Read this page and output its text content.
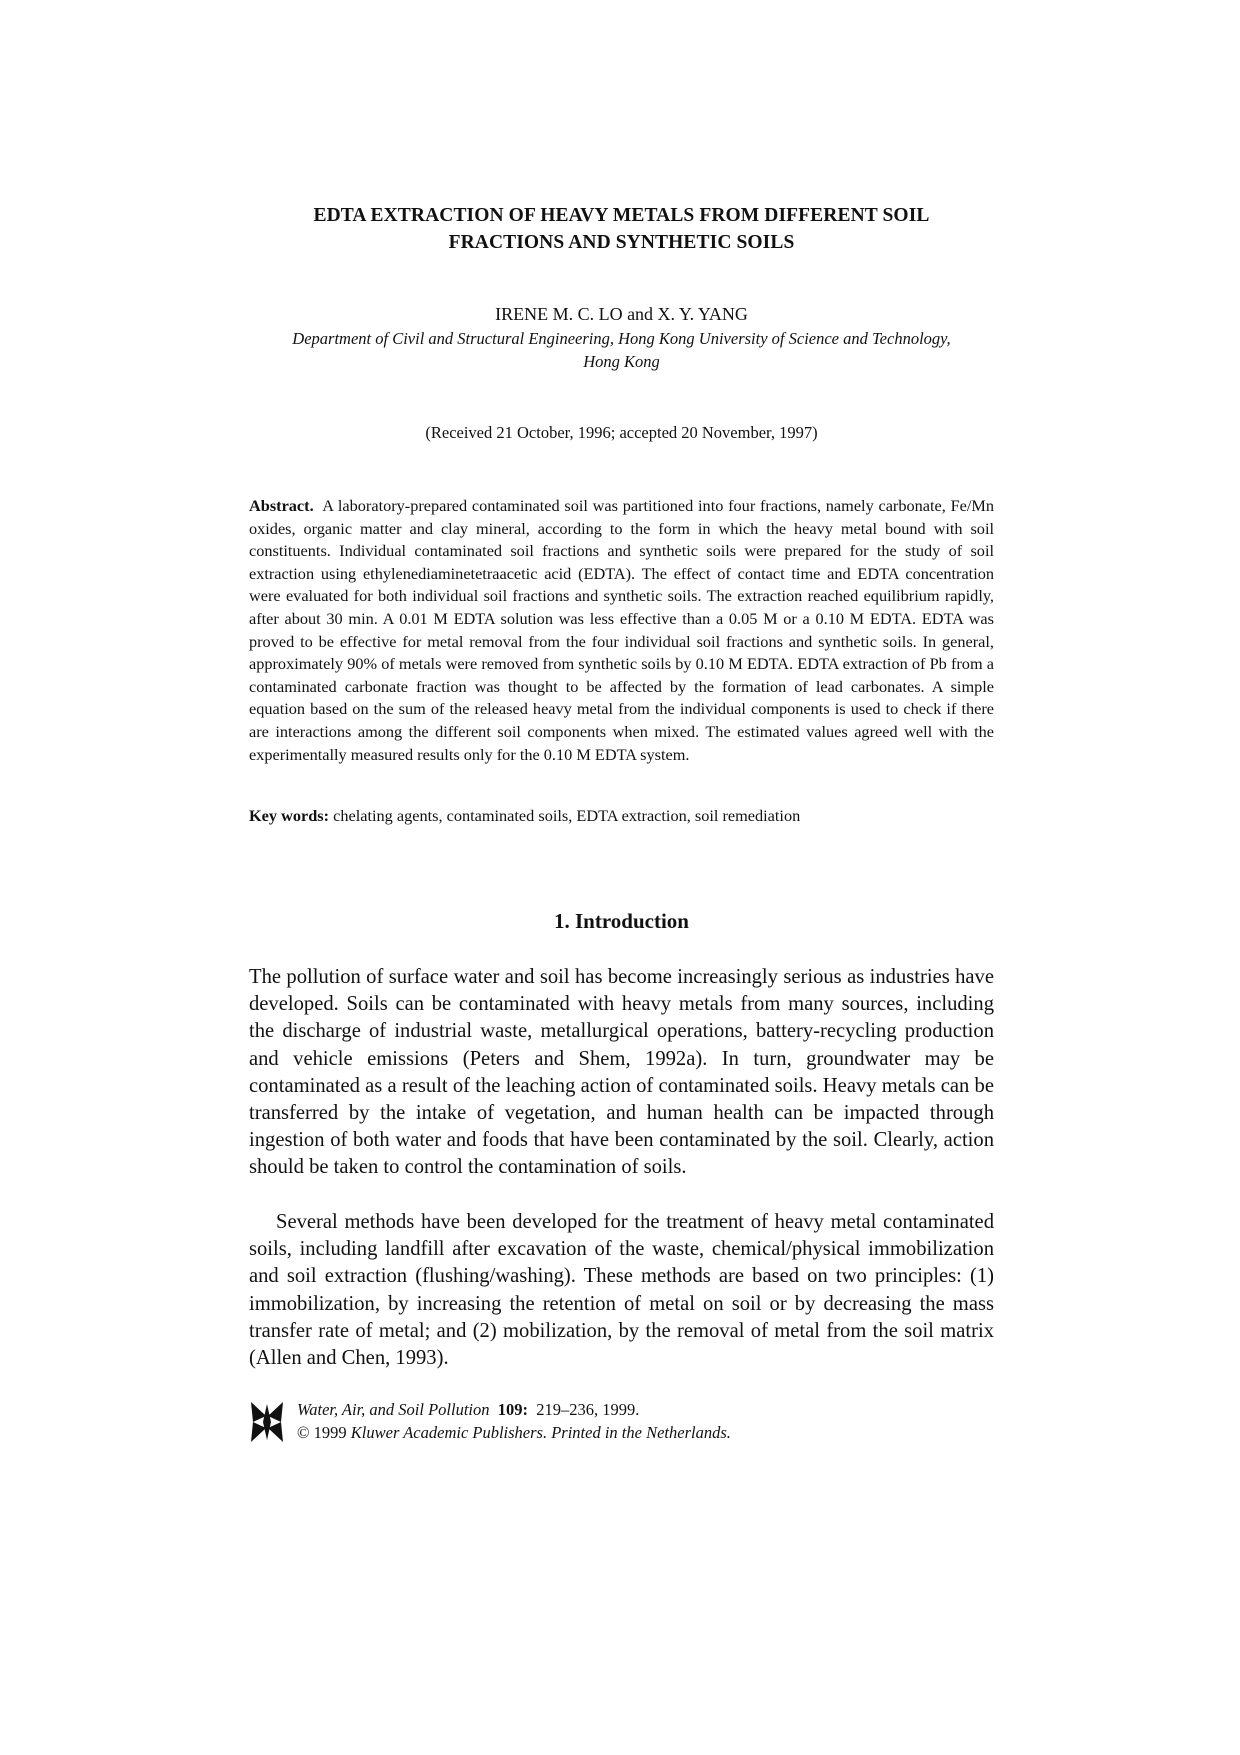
EDTA EXTRACTION OF HEAVY METALS FROM DIFFERENT SOIL
FRACTIONS AND SYNTHETIC SOILS
IRENE M. C. LO and X. Y. YANG
Department of Civil and Structural Engineering, Hong Kong University of Science and Technology,
Hong Kong
(Received 21 October, 1996; accepted 20 November, 1997)

Abstract. A laboratory-prepared contaminated soil was partitioned into four fractions, namely carbonate, Fe/Mn oxides, organic matter and clay mineral, according to the form in which the heavy metal bound with soil constituents. Individual contaminated soil fractions and synthetic soils were prepared for the study of soil extraction using ethylenediaminetetraacetic acid (EDTA). The effect of contact time and EDTA concentration were evaluated for both individual soil fractions and synthetic soils. The extraction reached equilibrium rapidly, after about 30 min. A 0.01 M EDTA solution was less effective than a 0.05 M or a 0.10 M EDTA. EDTA was proved to be effective for metal removal from the four individual soil fractions and synthetic soils. In general, approximately 90% of metals were removed from synthetic soils by 0.10 M EDTA. EDTA extraction of Pb from a contaminated carbonate fraction was thought to be affected by the formation of lead carbonates. A simple equation based on the sum of the released heavy metal from the individual components is used to check if there are interactions among the different soil components when mixed. The estimated values agreed well with the experimentally measured results only for the 0.10 M EDTA system.

Key words: chelating agents, contaminated soils, EDTA extraction, soil remediation

1. Introduction

The pollution of surface water and soil has become increasingly serious as industries have developed. Soils can be contaminated with heavy metals from many sources, including the discharge of industrial waste, metallurgical operations, battery-recycling production and vehicle emissions (Peters and Shem, 1992a). In turn, groundwater may be contaminated as a result of the leaching action of contaminated soils. Heavy metals can be transferred by the intake of vegetation, and human health can be impacted through ingestion of both water and foods that have been contaminated by the soil. Clearly, action should be taken to control the contamination of soils.

Several methods have been developed for the treatment of heavy metal contaminated soils, including landfill after excavation of the waste, chemical/physical immobilization and soil extraction (flushing/washing). These methods are based on two principles: (1) immobilization, by increasing the retention of metal on soil or by decreasing the mass transfer rate of metal; and (2) mobilization, by the removal of metal from the soil matrix (Allen and Chen, 1993).

Water, Air, and Soil Pollution 109: 219–236, 1999.
© 1999 Kluwer Academic Publishers. Printed in the Netherlands.
